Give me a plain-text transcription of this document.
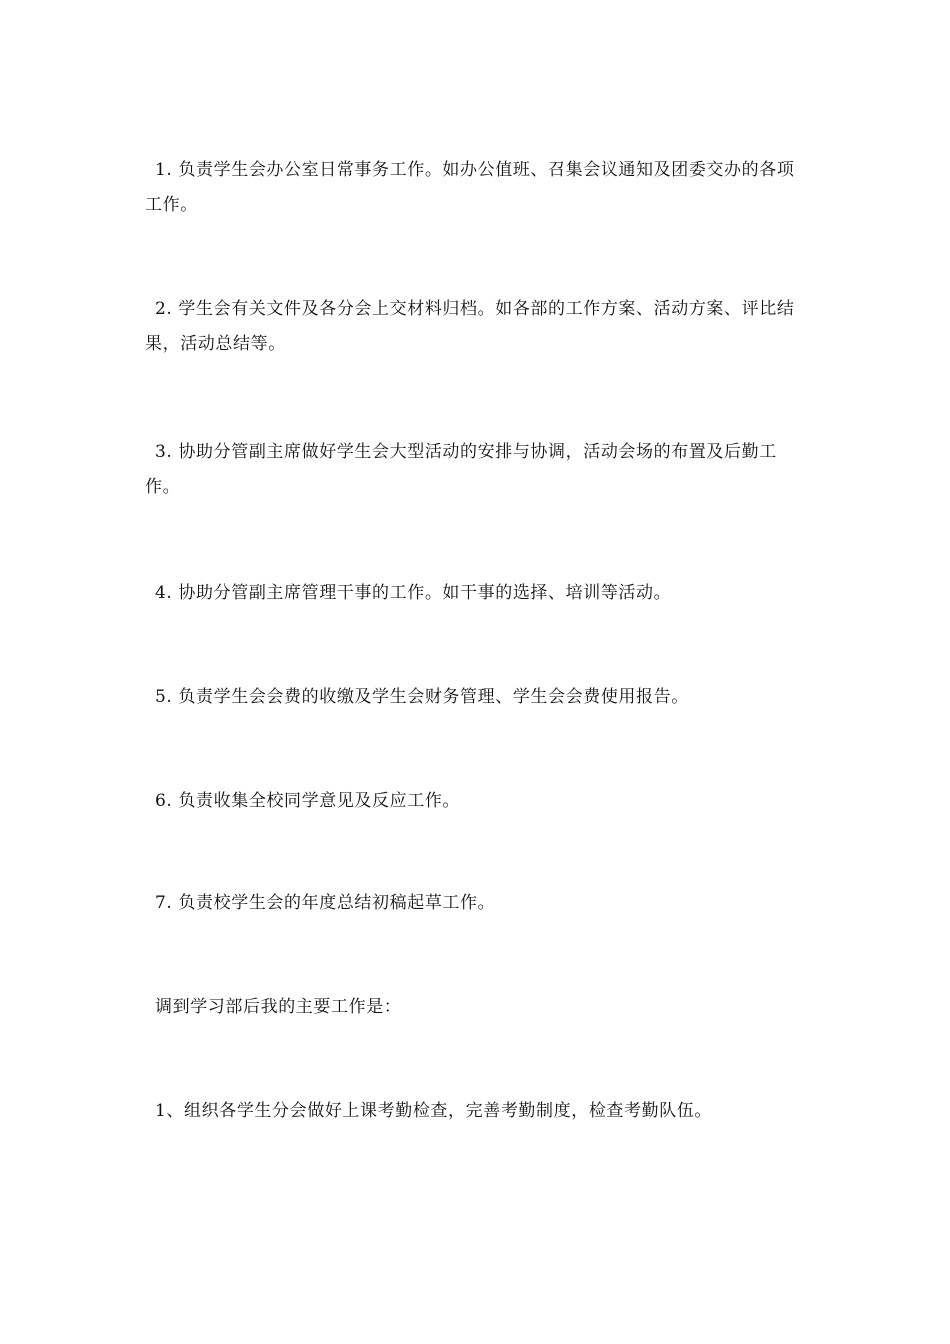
1. 负责学生会办公室日常事务工作。如办公值班、召集会议通知及团委交办的各项工作。

2. 学生会有关文件及各分会上交材料归档。如各部的工作方案、活动方案、评比结果，活动总结等。

3. 协助分管副主席做好学生会大型活动的安排与协调，活动会场的布置及后勤工作。

4. 协助分管副主席管理干事的工作。如干事的选择、培训等活动。

5. 负责学生会会费的收缴及学生会财务管理、学生会会费使用报告。

6. 负责收集全校同学意见及反应工作。

7. 负责校学生会的年度总结初稿起草工作。

调到学习部后我的主要工作是：

1、组织各学生分会做好上课考勤检查，完善考勤制度，检查考勤队伍。
